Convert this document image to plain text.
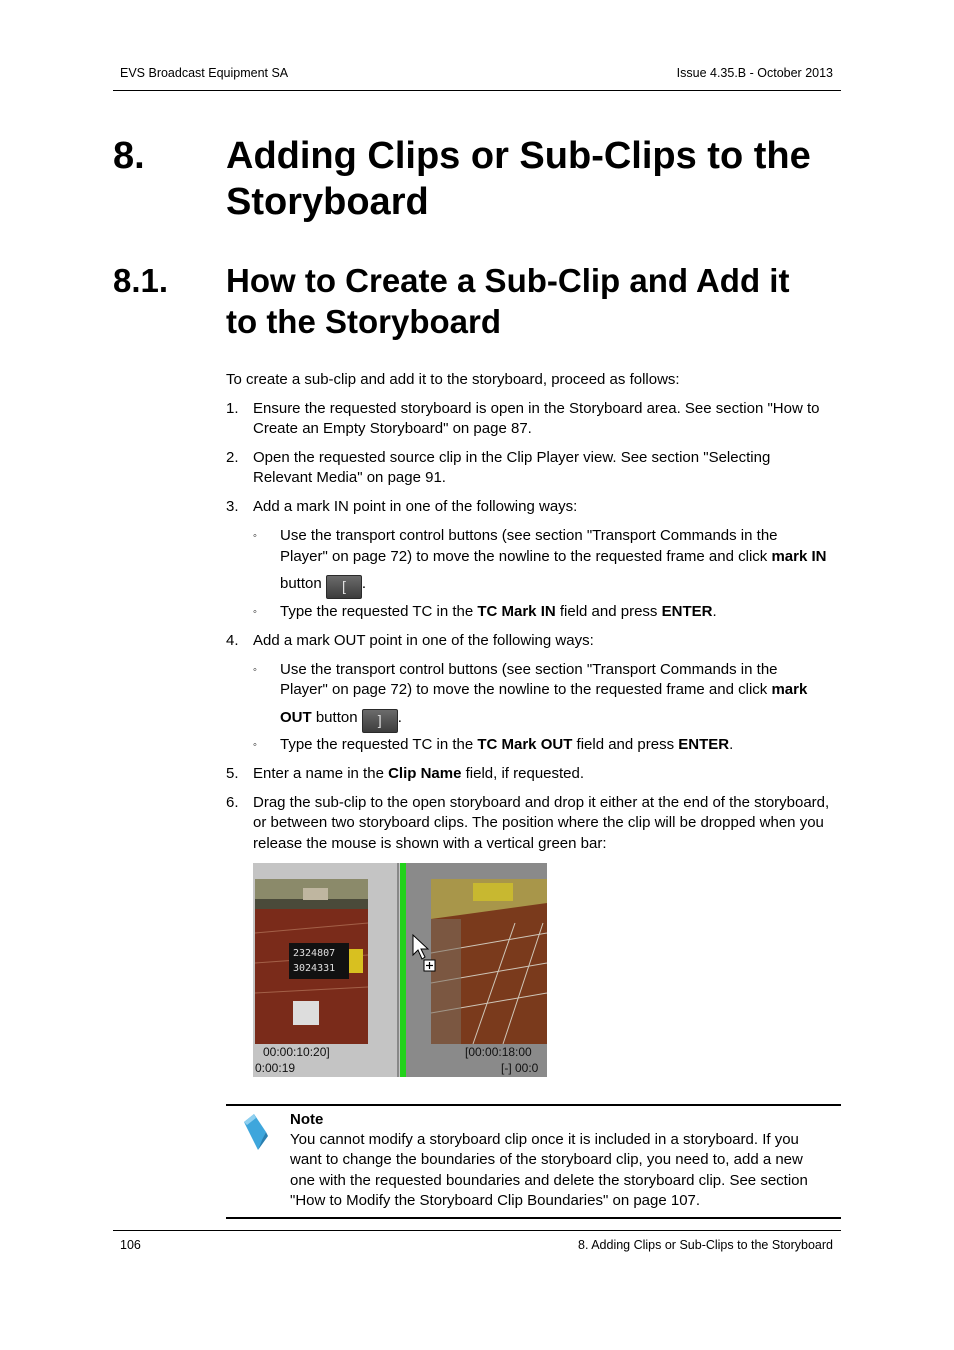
EVS Broadcast Equipment SA	Issue 4.35.B - October 2013
8. Adding Clips or Sub-Clips to the
Storyboard
8.1. How to Create a Sub-Clip and Add it
to the Storyboard
To create a sub-clip and add it to the storyboard, proceed as follows:
1. Ensure the requested storyboard is open in the Storyboard area. See section "How to
Create an Empty Storyboard" on page 87.
2. Open the requested source clip in the Clip Player view. See section "Selecting
Relevant Media" on page 91.
3. Add a mark IN point in one of the following ways:
◦ Use the transport control buttons (see section "Transport Commands in the
Player" on page 72) to move the nowline to the requested frame and click mark IN
button [ .
◦ Type the requested TC in the TC Mark IN field and press ENTER.
4. Add a mark OUT point in one of the following ways:
◦ Use the transport control buttons (see section "Transport Commands in the
Player" on page 72) to move the nowline to the requested frame and click mark
OUT button ] .
◦ Type the requested TC in the TC Mark OUT field and press ENTER.
5. Enter a name in the Clip Name field, if requested.
6. Drag the sub-clip to the open storyboard and drop it either at the end of the storyboard,
or between two storyboard clips. The position where the clip will be dropped when you
release the mouse is shown with a vertical green bar:
2324807
3024331
00:00:10:20]
0:00:19
[00:00:18:00
[-] 00:0
Note
You cannot modify a storyboard clip once it is included in a storyboard. If you
want to change the boundaries of the storyboard clip, you need to, add a new
one with the requested boundaries and delete the storyboard clip. See section
"How to Modify the Storyboard Clip Boundaries" on page 107.
106	8. Adding Clips or Sub-Clips to the Storyboard
